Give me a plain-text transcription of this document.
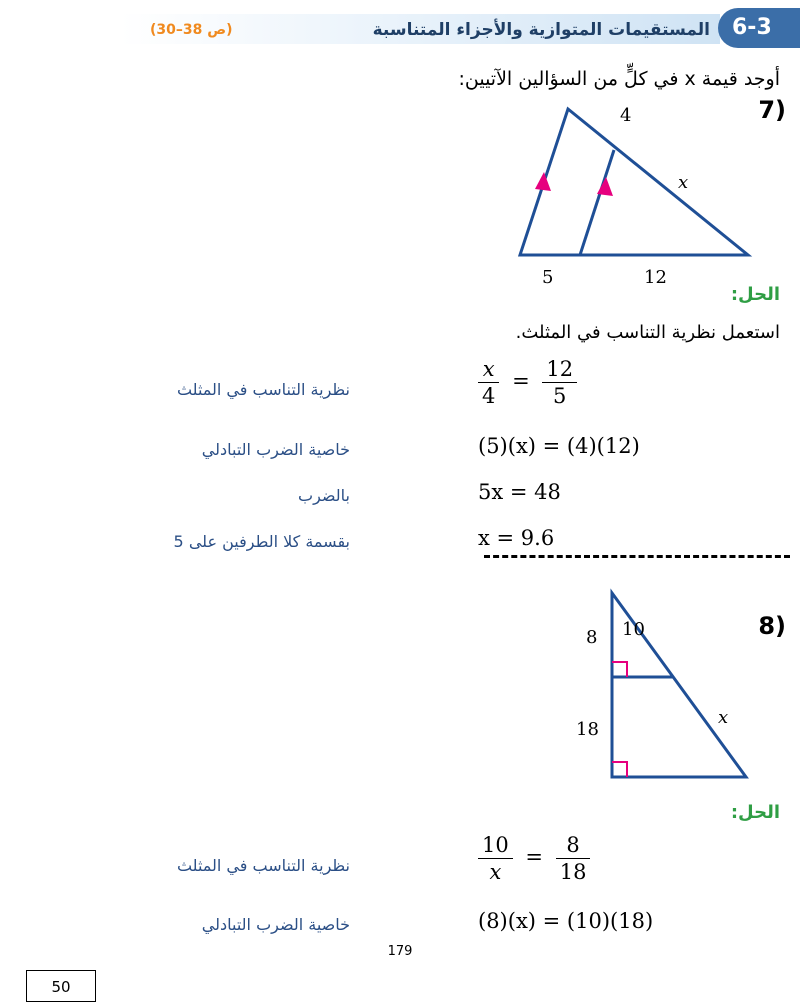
المستقيمات المتوازية والأجزاء المتناسبة
(ص 38–30)	6-3
أوجد قيمة x في كلٍّ من السؤالين الآتيين:
(7
4
x
5	12
الحل:
استعمل نظرية التناسب في المثلث.
نظرية التناسب في المثلث	$\frac{x}{4} = \frac{12}{5}$
خاصية الضرب التبادلي	(5)(x) = (4)(12)
بالضرب	5x = 48
بقسمة كلا الطرفين على 5	x = 9.6
(8
8 10
18
x
الحل:
نظرية التناسب في المثلث	$\frac{10}{x} = \frac{8}{18}$
خاصية الضرب التبادلي	(8)(x) = (10)(18)
179
50
